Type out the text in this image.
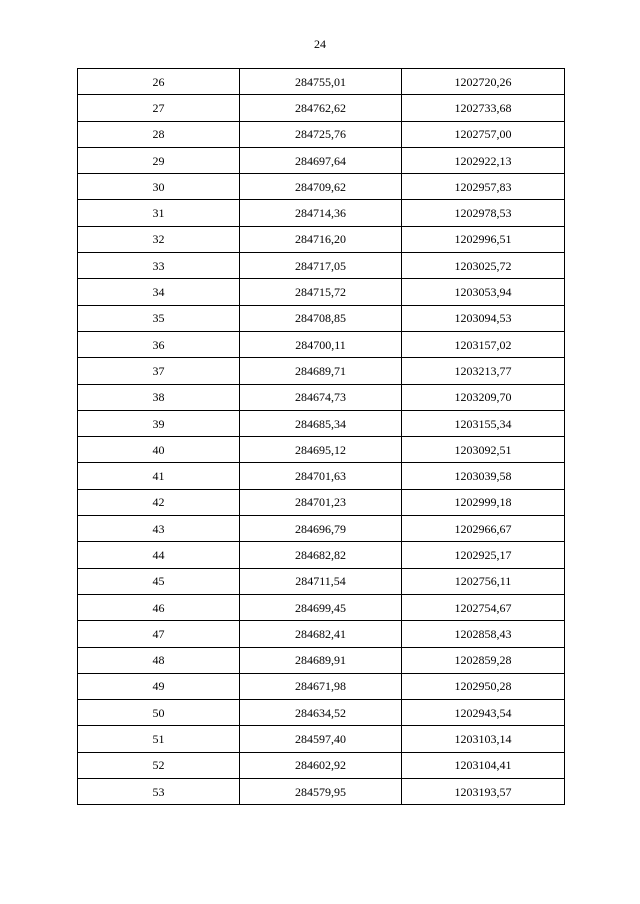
24
26	284755,01	1202720,26
27	284762,62	1202733,68
28	284725,76	1202757,00
29	284697,64	1202922,13
30	284709,62	1202957,83
31	284714,36	1202978,53
32	284716,20	1202996,51
33	284717,05	1203025,72
34	284715,72	1203053,94
35	284708,85	1203094,53
36	284700,11	1203157,02
37	284689,71	1203213,77
38	284674,73	1203209,70
39	284685,34	1203155,34
40	284695,12	1203092,51
41	284701,63	1203039,58
42	284701,23	1202999,18
43	284696,79	1202966,67
44	284682,82	1202925,17
45	284711,54	1202756,11
46	284699,45	1202754,67
47	284682,41	1202858,43
48	284689,91	1202859,28
49	284671,98	1202950,28
50	284634,52	1202943,54
51	284597,40	1203103,14
52	284602,92	1203104,41
53	284579,95	1203193,57
